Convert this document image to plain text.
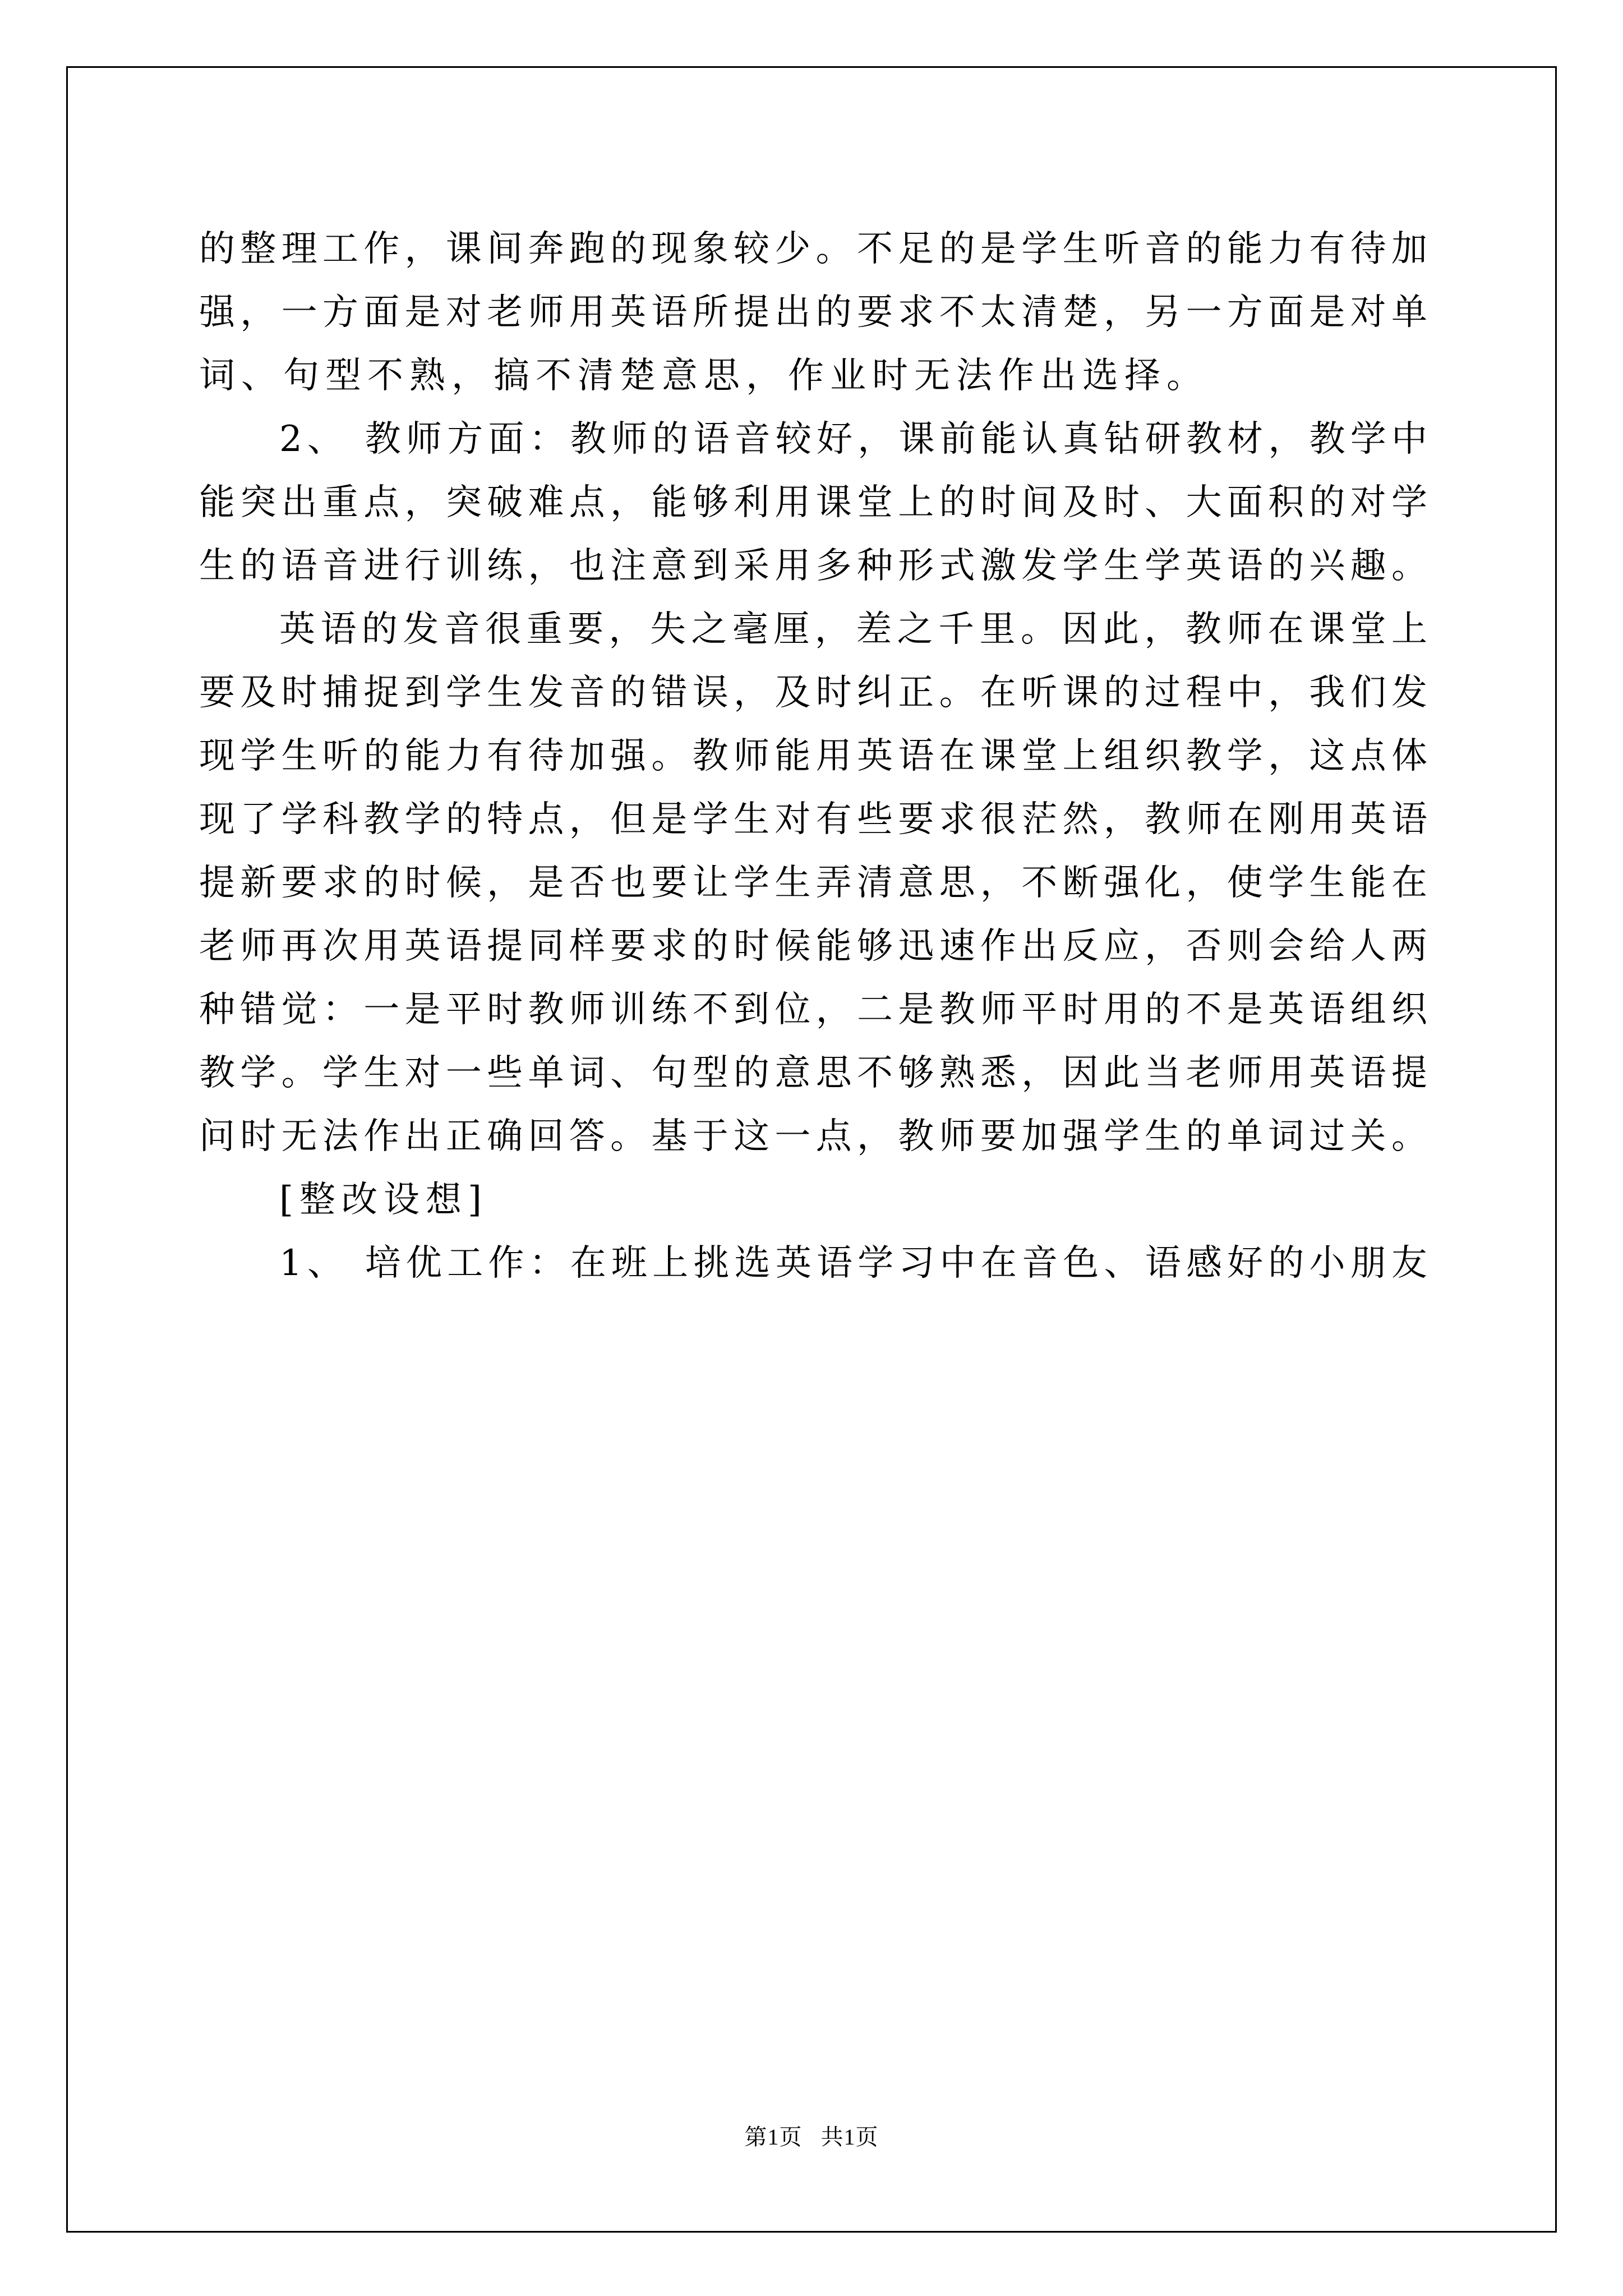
的整理工作，课间奔跑的现象较少。不足的是学生听音的能力有待加
强，一方面是对老师用英语所提出的要求不太清楚，另一方面是对单
词、句型不熟，搞不清楚意思，作业时无法作出选择。
2、 教师方面：教师的语音较好，课前能认真钻研教材，教学中
能突出重点，突破难点，能够利用课堂上的时间及时、大面积的对学
生的语音进行训练，也注意到采用多种形式激发学生学英语的兴趣。
英语的发音很重要，失之毫厘，差之千里。因此，教师在课堂上
要及时捕捉到学生发音的错误，及时纠正。在听课的过程中，我们发
现学生听的能力有待加强。教师能用英语在课堂上组织教学，这点体
现了学科教学的特点，但是学生对有些要求很茫然，教师在刚用英语
提新要求的时候，是否也要让学生弄清意思，不断强化，使学生能在
老师再次用英语提同样要求的时候能够迅速作出反应，否则会给人两
种错觉：一是平时教师训练不到位，二是教师平时用的不是英语组织
教学。学生对一些单词、句型的意思不够熟悉，因此当老师用英语提
问时无法作出正确回答。基于这一点，教师要加强学生的单词过关。
[整改设想]
1、 培优工作：在班上挑选英语学习中在音色、语感好的小朋友
第1页   共1页
